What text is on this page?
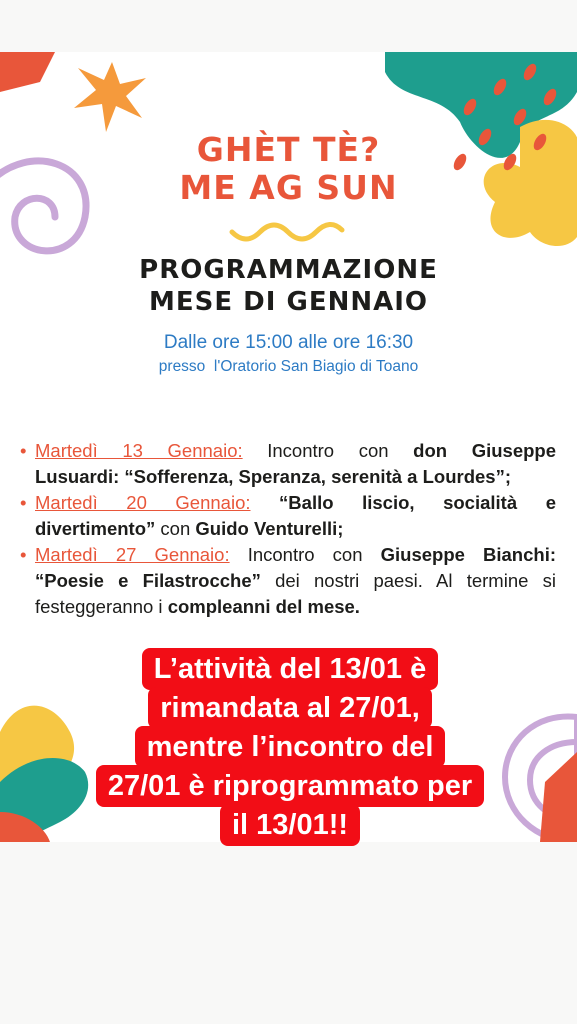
GHÈT TÈ?
ME AG SUN
PROGRAMMAZIONE
MESE DI GENNAIO
Dalle ore 15:00 alle ore 16:30
presso  l'Oratorio San Biagio di Toano
• Martedì 13 Gennaio: Incontro con don Giuseppe
Lusuardi: “Sofferenza, Speranza, serenità a Lourdes”;
• Martedì 20 Gennaio: “Ballo liscio, socialità e
divertimento” con Guido Venturelli;
• Martedì 27 Gennaio: Incontro con Giuseppe Bianchi:
“Poesie e Filastrocche” dei nostri paesi. Al termine si
festeggeranno i compleanni del mese.
L’attività del 13/01 è
rimandata al 27/01,
mentre l’incontro del
27/01 è riprogrammato per
il 13/01!!
